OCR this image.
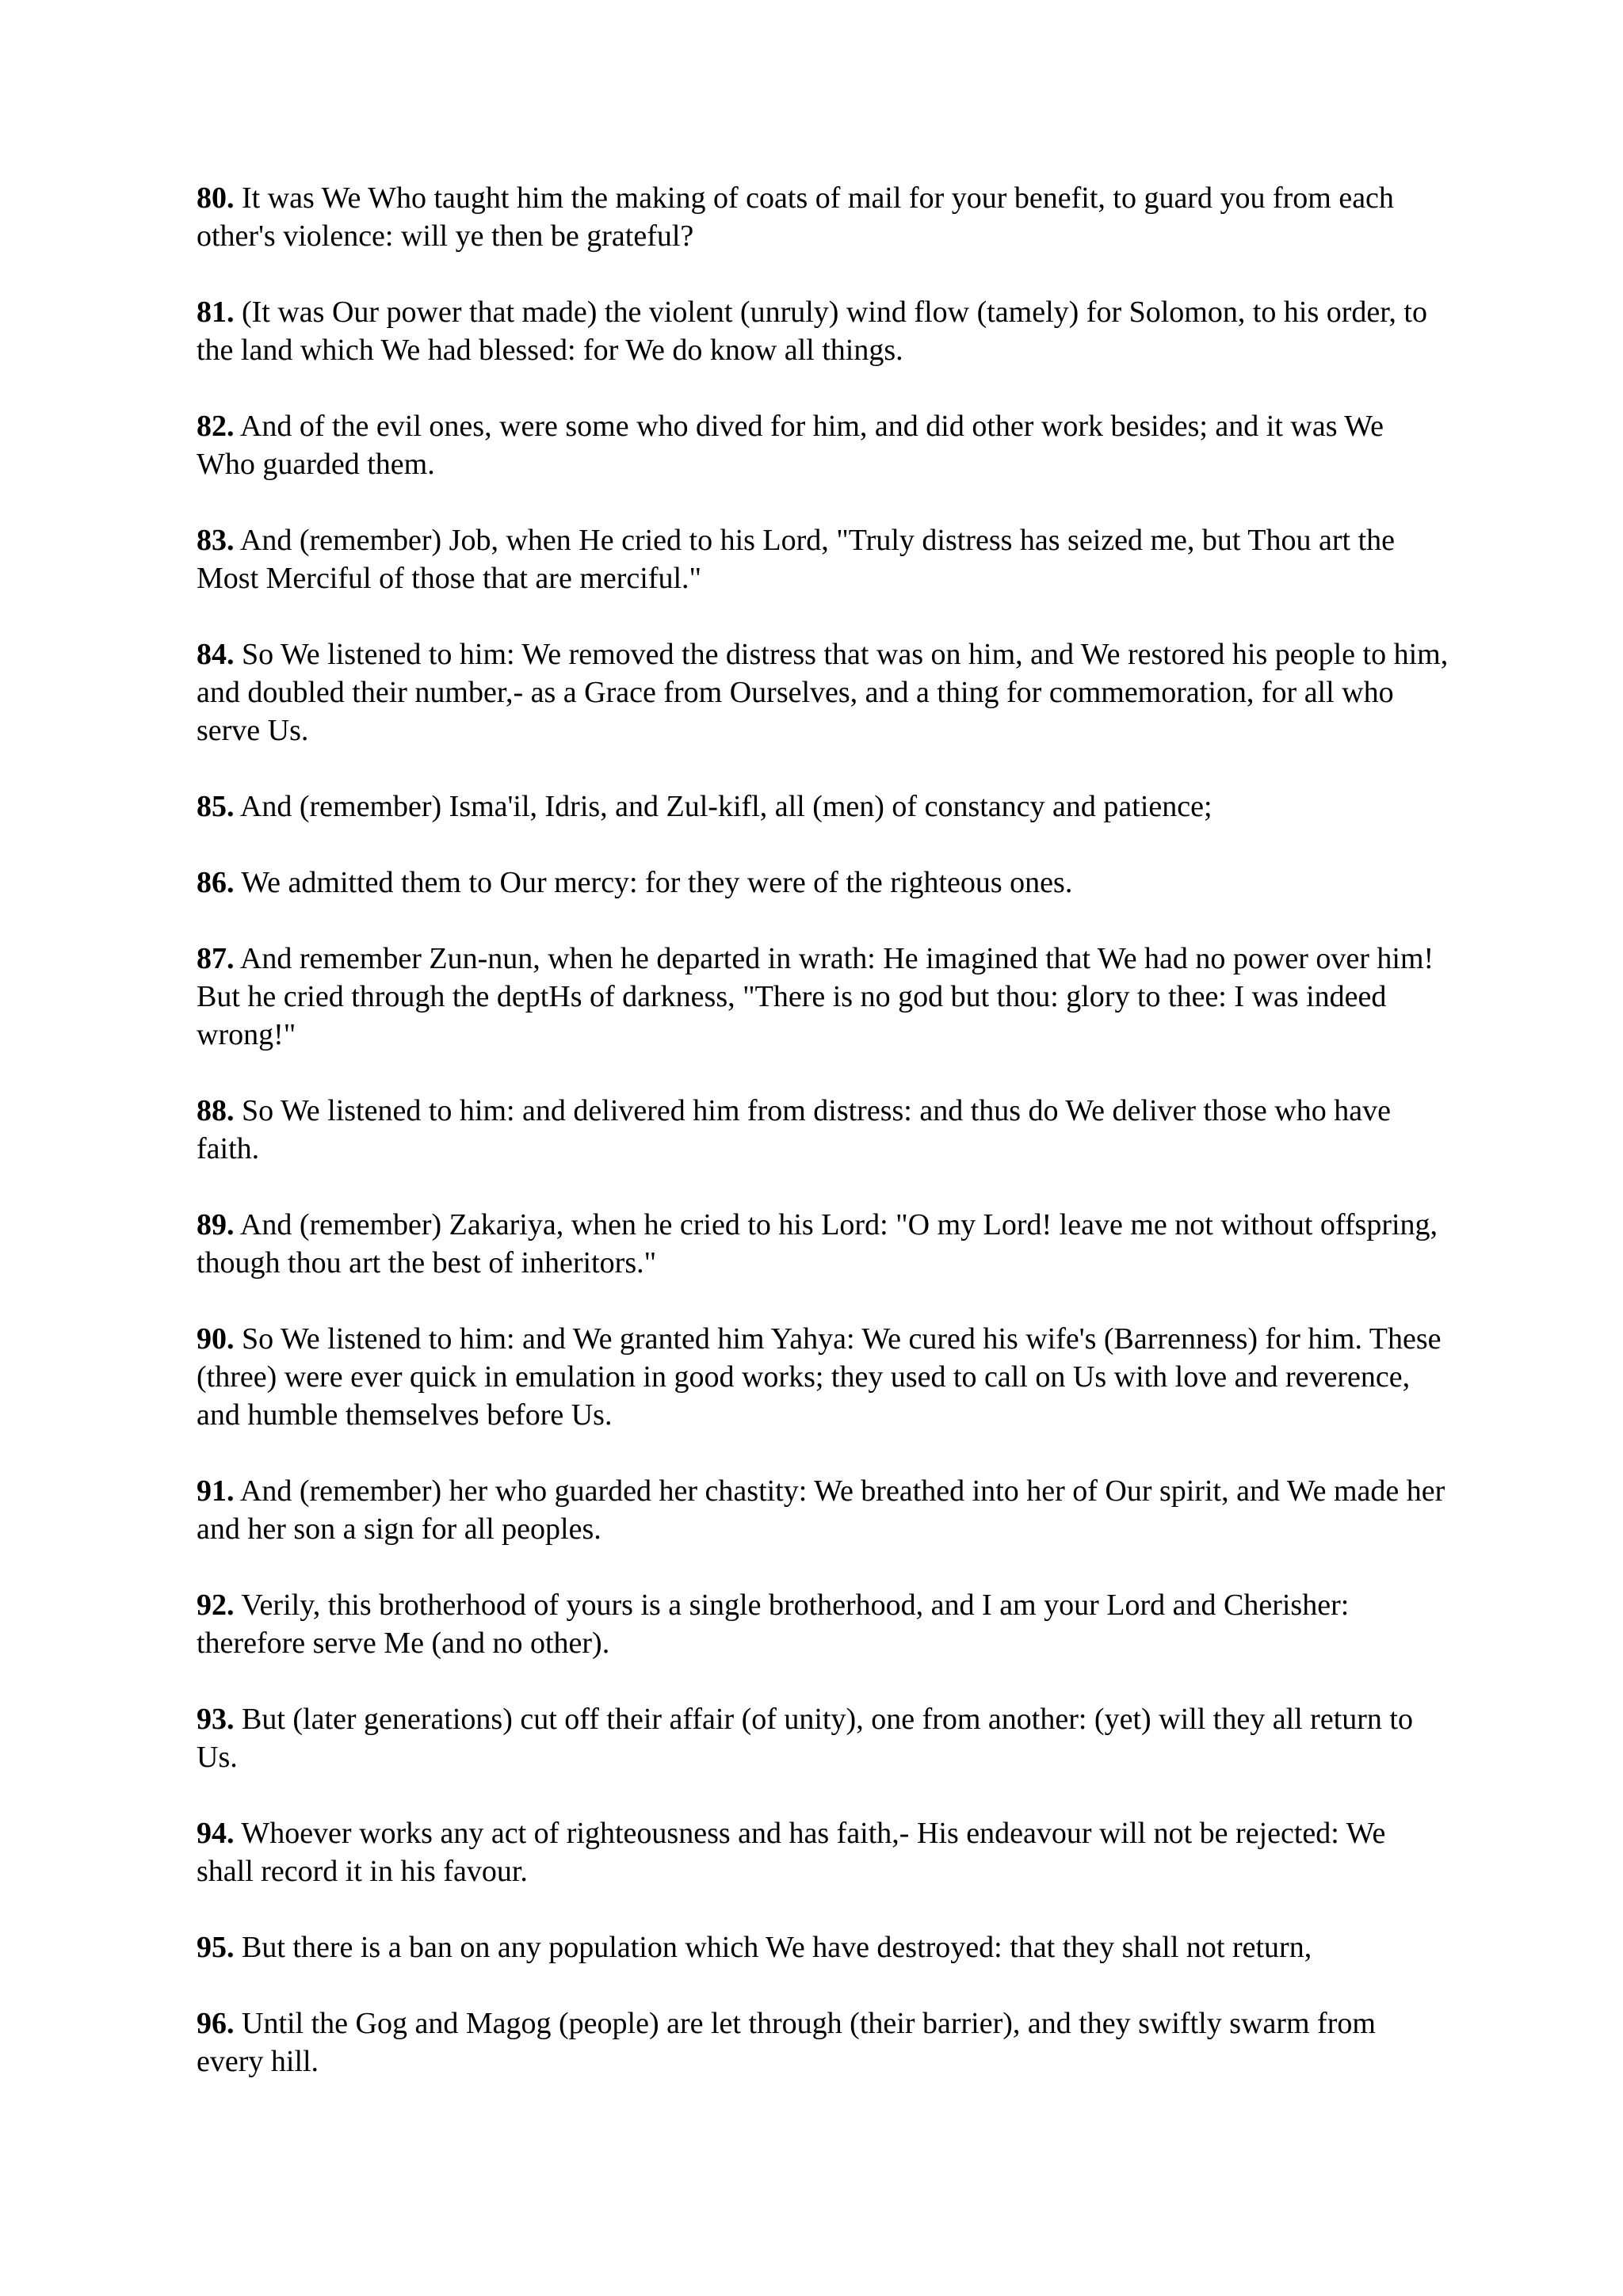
80. It was We Who taught him the making of coats of mail for your benefit, to guard you from each other's violence: will ye then be grateful?

81. (It was Our power that made) the violent (unruly) wind flow (tamely) for Solomon, to his order, to the land which We had blessed: for We do know all things.

82. And of the evil ones, were some who dived for him, and did other work besides; and it was We Who guarded them.

83. And (remember) Job, when He cried to his Lord, "Truly distress has seized me, but Thou art the Most Merciful of those that are merciful."

84. So We listened to him: We removed the distress that was on him, and We restored his people to him, and doubled their number,- as a Grace from Ourselves, and a thing for commemoration, for all who serve Us.

85. And (remember) Isma'il, Idris, and Zul-kifl, all (men) of constancy and patience;

86. We admitted them to Our mercy: for they were of the righteous ones.

87. And remember Zun-nun, when he departed in wrath: He imagined that We had no power over him! But he cried through the deptHs of darkness, "There is no god but thou: glory to thee: I was indeed wrong!"

88. So We listened to him: and delivered him from distress: and thus do We deliver those who have faith.

89. And (remember) Zakariya, when he cried to his Lord: "O my Lord! leave me not without offspring, though thou art the best of inheritors."

90. So We listened to him: and We granted him Yahya: We cured his wife's (Barrenness) for him. These (three) were ever quick in emulation in good works; they used to call on Us with love and reverence, and humble themselves before Us.

91. And (remember) her who guarded her chastity: We breathed into her of Our spirit, and We made her and her son a sign for all peoples.

92. Verily, this brotherhood of yours is a single brotherhood, and I am your Lord and Cherisher: therefore serve Me (and no other).

93. But (later generations) cut off their affair (of unity), one from another: (yet) will they all return to Us.

94. Whoever works any act of righteousness and has faith,- His endeavour will not be rejected: We shall record it in his favour.

95. But there is a ban on any population which We have destroyed: that they shall not return,

96. Until the Gog and Magog (people) are let through (their barrier), and they swiftly swarm from every hill.
